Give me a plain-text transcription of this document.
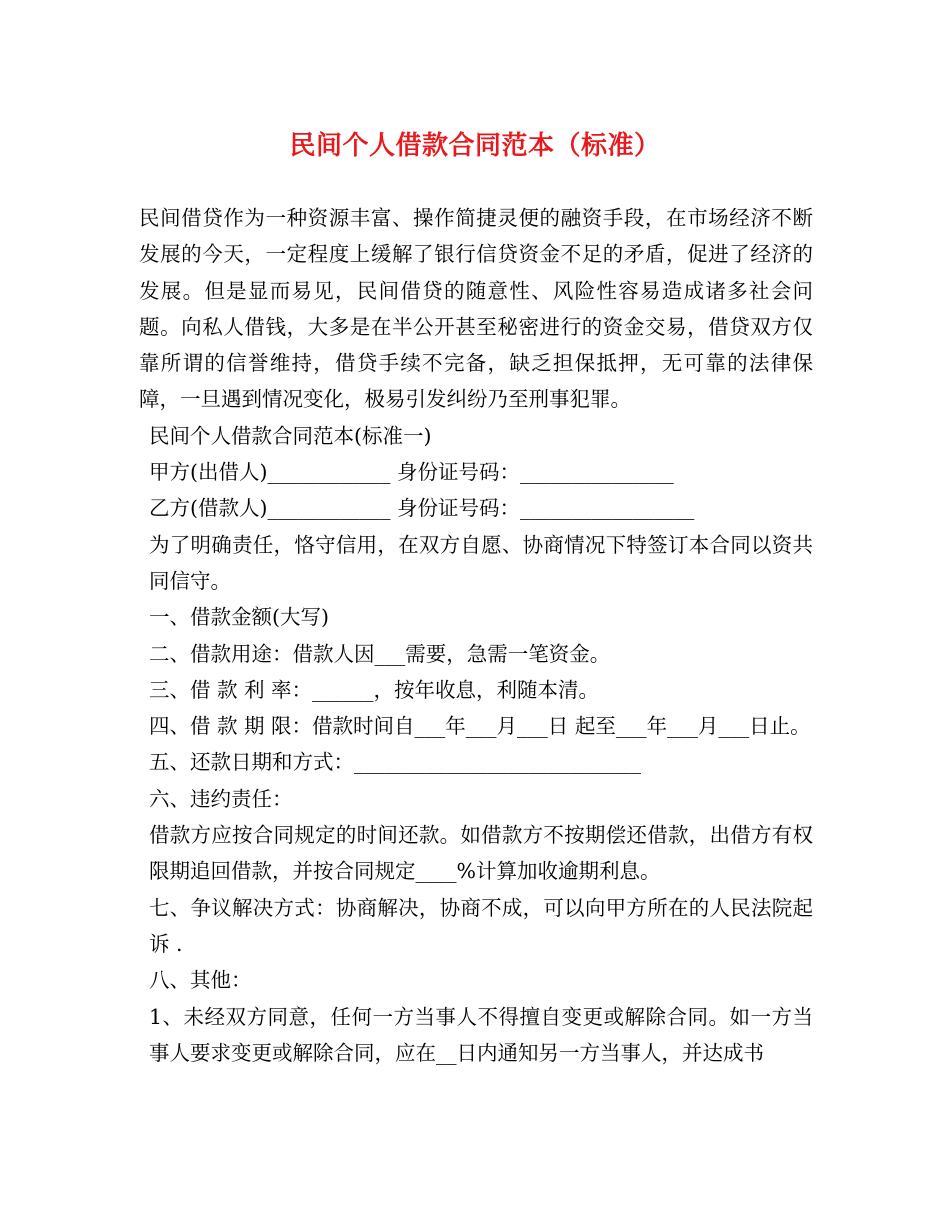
民间个人借款合同范本（标准）

民间借贷作为一种资源丰富、操作简捷灵便的融资手段，在市场经济不断发展的今天，一定程度上缓解了银行信贷资金不足的矛盾，促进了经济的发展。但是显而易见，民间借贷的随意性、风险性容易造成诸多社会问题。向私人借钱，大多是在半公开甚至秘密进行的资金交易，借贷双方仅靠所谓的信誉维持，借贷手续不完备，缺乏担保抵押，无可靠的法律保障，一旦遇到情况变化，极易引发纠纷乃至刑事犯罪。

民间个人借款合同范本(标准一)

甲方(出借人)____________ 身份证号码：_______________

乙方(借款人)____________ 身份证号码：_________________

为了明确责任，恪守信用，在双方自愿、协商情况下特签订本合同以资共同信守。

一、借款金额(大写)

二、借款用途：借款人因___需要，急需一笔资金。

三、借 款 利 率：______，按年收息，利随本清。

四、借 款 期 限：借款时间自___年___月___日 起至___年___月___日止。

五、还款日期和方式：____________________________

六、违约责任：

借款方应按合同规定的时间还款。如借款方不按期偿还借款，出借方有权限期追回借款，并按合同规定____%计算加收逾期利息。

七、争议解决方式：协商解决，协商不成，可以向甲方所在的人民法院起诉 .

八、其他：

1、未经双方同意，任何一方当事人不得擅自变更或解除合同。如一方当事人要求变更或解除合同，应在__日内通知另一方当事人，并达成书
